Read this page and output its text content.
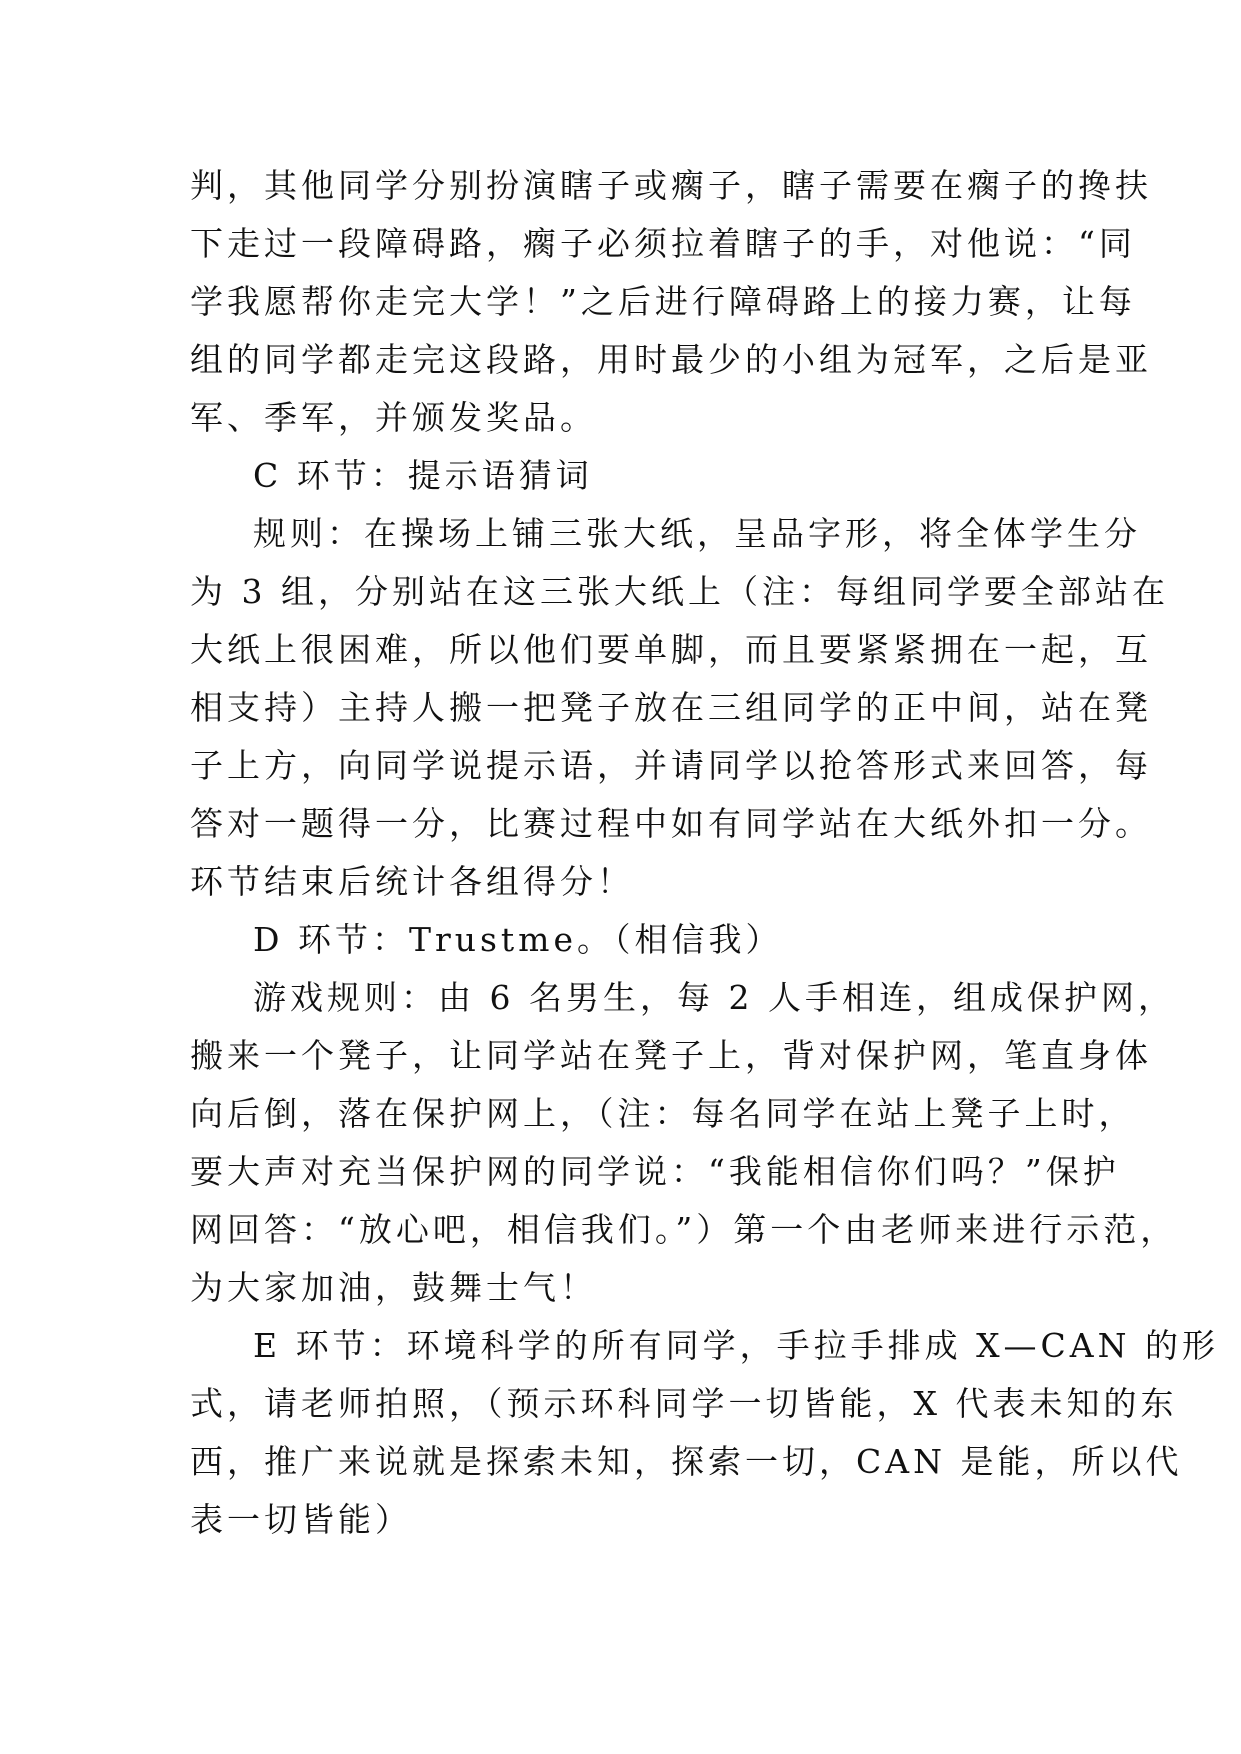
判，其他同学分别扮演瞎子或瘸子，瞎子需要在瘸子的搀扶
下走过一段障碍路，瘸子必须拉着瞎子的手，对他说：“同
学我愿帮你走完大学！”之后进行障碍路上的接力赛，让每
组的同学都走完这段路，用时最少的小组为冠军，之后是亚
军、季军，并颁发奖品。
C 环节：提示语猜词
规则：在操场上铺三张大纸，呈品字形，将全体学生分
为 3 组，分别站在这三张大纸上（注：每组同学要全部站在
大纸上很困难，所以他们要单脚，而且要紧紧拥在一起，互
相支持）主持人搬一把凳子放在三组同学的正中间，站在凳
子上方，向同学说提示语，并请同学以抢答形式来回答，每
答对一题得一分，比赛过程中如有同学站在大纸外扣一分。
环节结束后统计各组得分！
D 环节：Trustme。（相信我）
游戏规则：由 6 名男生，每 2 人手相连，组成保护网，
搬来一个凳子，让同学站在凳子上，背对保护网，笔直身体
向后倒，落在保护网上，（注：每名同学在站上凳子上时，
要大声对充当保护网的同学说：“我能相信你们吗？”保护
网回答：“放心吧，相信我们。”）第一个由老师来进行示范，
为大家加油，鼓舞士气！
E 环节：环境科学的所有同学，手拉手排成 X—CAN 的形
式，请老师拍照，（预示环科同学一切皆能，X 代表未知的东
西，推广来说就是探索未知，探索一切，CAN 是能，所以代
表一切皆能）
